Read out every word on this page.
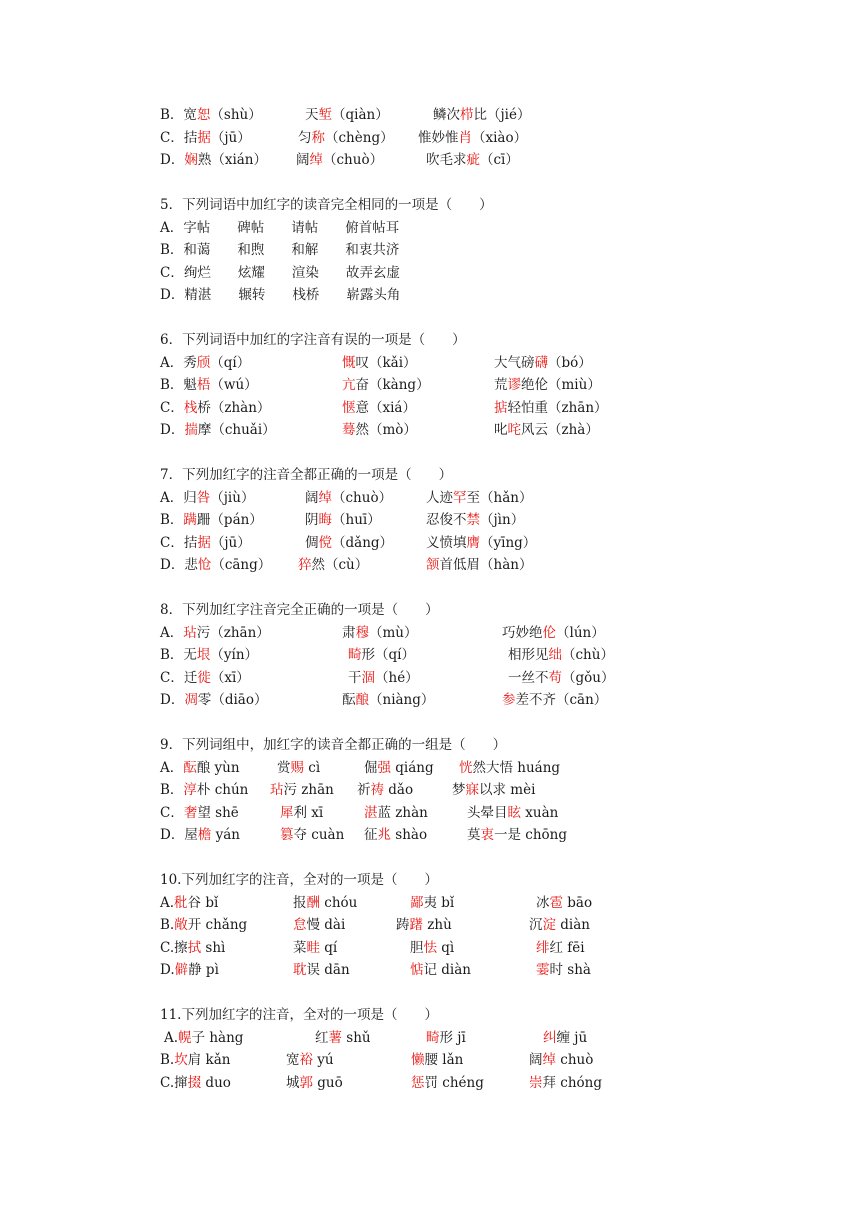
B．宽恕（shù）	天堑（qiàn）	鳞次栉比（jié）
C．拮据（jū）	匀称（chèng） 惟妙惟肖（xiào）
D．娴熟（xián） 阔绰（chuò）	吹毛求疵（cī）
5．下列词语中加红字的读音完全相同的一项是（　　）
A．字帖　　碑帖　　请帖　　俯首帖耳
B．和蔼　　和煦　　和解　　和衷共济
C．绚烂　　炫耀　　渲染　　故弄玄虚
D．精湛　　辗转　　栈桥　　崭露头角
6．下列词语中加红的字注音有误的一项是（　　）
A．秀颀（qí）	慨叹（kǎi）	大气磅礴（bó）
B．魁梧（wú）	亢奋（kàng）	荒谬绝伦（miù）
C．栈桥（zhàn）	惬意（xiá）	掂轻怕重（zhān）
D．揣摩（chuǎi）	蓦然（mò）	叱咤风云（zhà）
7．下列加红字的注音全都正确的一项是（　　）
A．归咎（jiù）	阔绰（chuò）	人迹罕至（hǎn）
B．蹒跚（pán）	阴晦（huī）	忍俊不禁（jìn）
C．拮据（jū）	倜傥（dǎng） 义愤填膺（yīng）
D．悲怆（cāng） 猝然（cù）	颔首低眉（hàn）
8．下列加红字注音完全正确的一项是（　　）
A．玷污（zhān）	肃穆（mù）	巧妙绝伦（lún）
B．无垠（yín）	畸形（qí）	相形见绌（chù）
C．迁徙（xī）	干涸（hé）	一丝不苟（gǒu）
D．凋零（diāo）	酝酿（niàng）	参差不齐（cān）
9．下列词组中，加红字的读音全都正确的一组是（　　）
A．酝酿 yùn	赏赐 cì	倔强 qiáng 恍然大悟 huáng
B．淳朴 chún 玷污 zhān 祈祷 dǎo	梦寐以求 mèi
C．奢望 shē	犀利 xī	湛蓝 zhàn	头晕目眩 xuàn
D．屋檐 yán	篡夺 cuàn 征兆 shào	莫衷一是 chōng
10.下列加红字的注音，全对的一项是（　　）
A.秕谷 bǐ	报酬 chóu	鄙夷 bǐ	冰雹 bāo
B.敞开 chǎng	怠慢 dài	踌躇 zhù	沉淀 diàn
C.擦拭 shì	菜畦 qí	胆怯 qì	绯红 fēi
D.僻静 pì	耽误 dān	惦记 diàn	霎时 shà
11.下列加红字的注音，全对的一项是（　　）
A.幌子 hàng	红薯 shǔ	畸形 jī	纠缠 jū
B.坎肩 kǎn	宽裕 yú	懒腰 lǎn	阔绰 chuò
C.撺掇 duo	城郭 guō	惩罚 chéng	崇拜 chóng
